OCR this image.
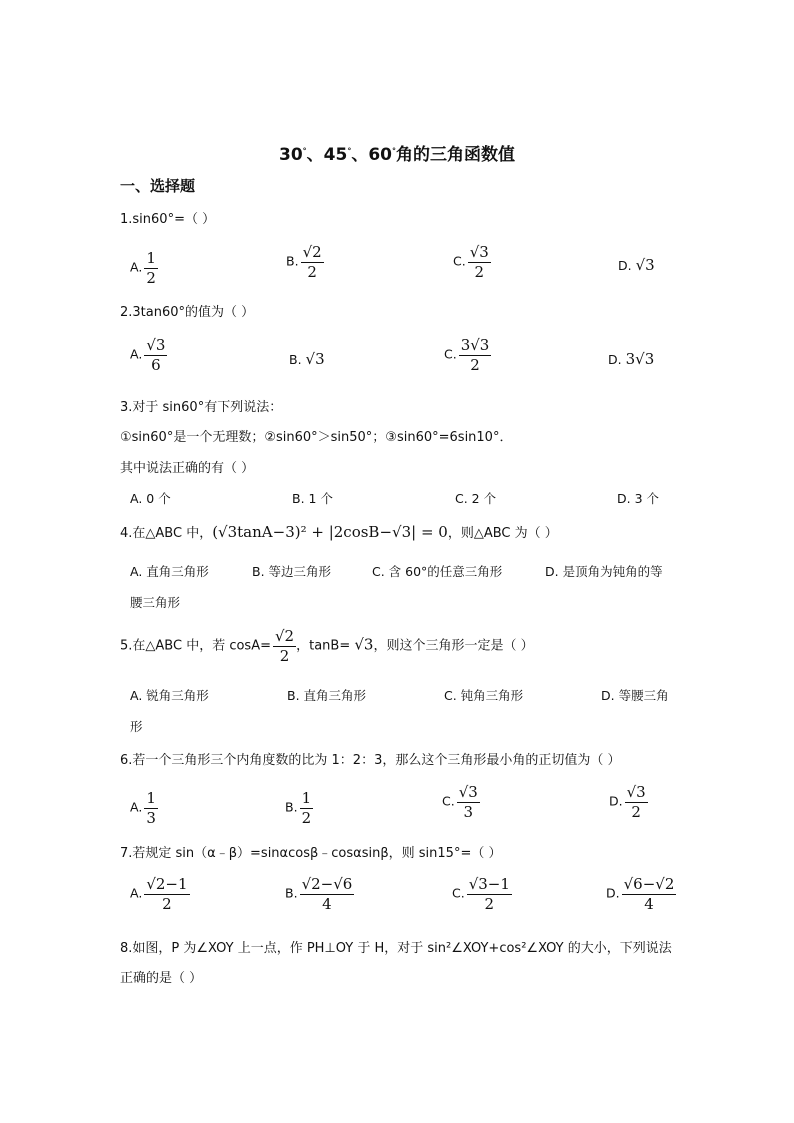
30°、45°、60°角的三角函数值
一、选择题
1.sin60°=（ ）
A. $\frac{1}{2}$	B. $\frac{√2}{2}$	C. $\frac{√3}{2}$	D. √3
2.3tan60°的值为（ ）
A. $\frac{√3}{6}$	B. √3	C. $\frac{3√3}{2}$	D. 3√3
3.对于 sin60°有下列说法：
①sin60°是一个无理数；②sin60°＞sin50°；③sin60°=6sin10°．
其中说法正确的有（ ）
A. 0 个	B. 1 个	C. 2 个	D. 3 个
4.在△ABC 中，(√3tanA−3)² + |2cosB−√3| = 0，则△ABC 为（ ）
A. 直角三角形	B. 等边三角形	C. 含 60°的任意三角形	D. 是顶角为钝角的等
腰三角形
5.在△ABC 中，若 $\cos A= \frac{√2}{2}$ ，tanB= √3，则这个三角形一定是（ ）
A. 锐角三角形	B. 直角三角形	C. 钝角三角形	D. 等腰三角
形
6.若一个三角形三个内角度数的比为 1：2：3，那么这个三角形最小角的正切值为（ ）
A. $\frac{1}{3}$	B. $\frac{1}{2}$	C. $\frac{√3}{3}$	D. $\frac{√3}{2}$
7.若规定 sin（α﹣β）=sinαcosβ﹣cosαsinβ，则 sin15°=（ ）
A. $\frac{√2-1}{2}$	B. $\frac{√2-√6}{4}$	C. $\frac{√3-1}{2}$	D. $\frac{√6-√2}{4}$
8.如图，P 为∠XOY 上一点，作 PH⊥OY 于 H，对于 sin²∠XOY+cos²∠XOY 的大小，下列说法
正确的是（ ）
